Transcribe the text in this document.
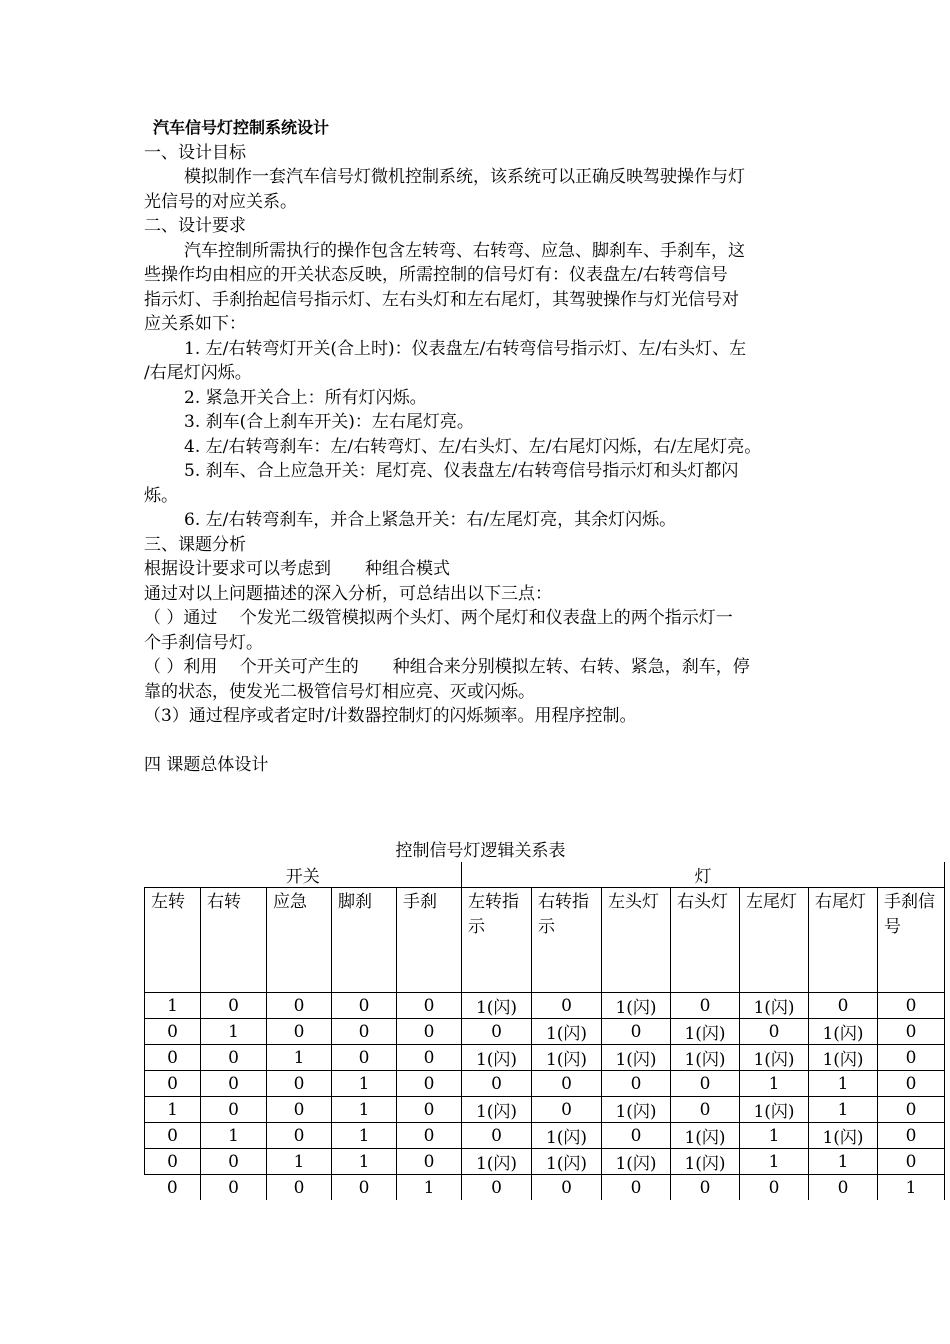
汽车信号灯控制系统设计
一、设计目标
模拟制作一套汽车信号灯微机控制系统，该系统可以正确反映驾驶操作与灯
光信号的对应关系。
二、设计要求
汽车控制所需执行的操作包含左转弯、右转弯、应急、脚刹车、手刹车，这
些操作均由相应的开关状态反映，所需控制的信号灯有：仪表盘左/右转弯信号
指示灯、手刹抬起信号指示灯、左右头灯和左右尾灯，其驾驶操作与灯光信号对
应关系如下：
1. 左/右转弯灯开关(合上时)：仪表盘左/右转弯信号指示灯、左/右头灯、左
/右尾灯闪烁。
2. 紧急开关合上：所有灯闪烁。
3. 刹车(合上刹车开关)：左右尾灯亮。
4. 左/右转弯刹车：左/右转弯灯、左/右头灯、左/右尾灯闪烁，右/左尾灯亮。
5. 刹车、合上应急开关：尾灯亮、仪表盘左/右转弯信号指示灯和头灯都闪
烁。
6. 左/右转弯刹车，并合上紧急开关：右/左尾灯亮，其余灯闪烁。
三、课题分析
根据设计要求可以考虑到　　种组合模式
通过对以上问题描述的深入分析，可总结出以下三点：
（ ）通过　 个发光二级管模拟两个头灯、两个尾灯和仪表盘上的两个指示灯一
个手刹信号灯。
（ ）利用　 个开关可产生的　　种组合来分别模拟左转、右转、紧急，刹车，停
靠的状态，使发光二极管信号灯相应亮、灭或闪烁。
（3）通过程序或者定时/计数器控制灯的闪烁频率。用程序控制。
四 课题总体设计
控制信号灯逻辑关系表
开关					灯						

左转	右转	应急	脚刹	手刹	左转指示	右转指示	左头灯	右头灯	左尾灯	右尾灯	手刹信号

1	0	0	0	0	1(闪)	0	1(闪)	0	1(闪)	0	0
0	1	0	0	0	0	1(闪)	0	1(闪)	0	1(闪)	0
0	0	1	0	0	1(闪)	1(闪)	1(闪)	1(闪)	1(闪)	1(闪)	0
0	0	0	1	0	0	0	0	0	1	1	0
1	0	0	1	0	1(闪)	0	1(闪)	0	1(闪)	1	0
0	1	0	1	0	0	1(闪)	0	1(闪)	1	1(闪)	0
0	0	1	1	0	1(闪)	1(闪)	1(闪)	1(闪)	1	1	0
0	0	0	0	1	0	0	0	0	0	0	1
